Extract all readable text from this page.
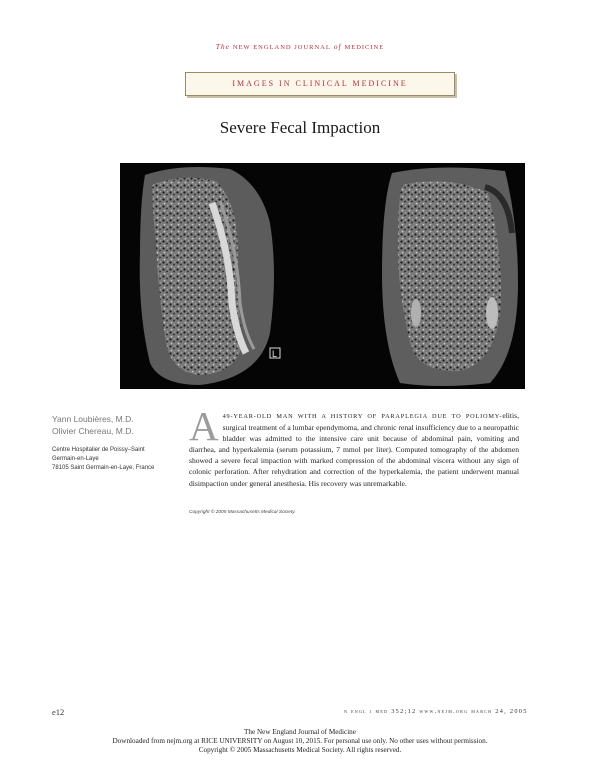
The NEW ENGLAND JOURNAL of MEDICINE
IMAGES IN CLINICAL MEDICINE
Severe Fecal Impaction
L
Yann Loubières, M.D.
Olivier Chereau, M.D.
Centre Hospitalier de Poissy–Saint
Germain-en-Laye
78105 Saint Germain-en-Laye, France
A 49-YEAR-OLD MAN WITH A HISTORY OF PARAPLEGIA DUE TO POLIOMY-elitis, surgical treatment of a lumbar ependymoma, and chronic renal insufficiency due to a neuropathic bladder was admitted to the intensive care unit because of abdominal pain, vomiting and diarrhea, and hyperkalemia (serum potassium, 7 mmol per liter). Computed tomography of the abdomen showed a severe fecal impaction with marked compression of the abdominal viscera without any sign of colonic perforation. After rehydration and correction of the hyperkalemia, the patient underwent manual disimpaction under general anesthesia. His recovery was unremarkable.
Copyright © 2005 Massachusetts Medical Society.
e12	n engl j med 352;12 www.nejm.org march 24, 2005
The New England Journal of Medicine
Downloaded from nejm.org at RICE UNIVERSITY on August 10, 2015. For personal use only. No other uses without permission.
Copyright © 2005 Massachusetts Medical Society. All rights reserved.
